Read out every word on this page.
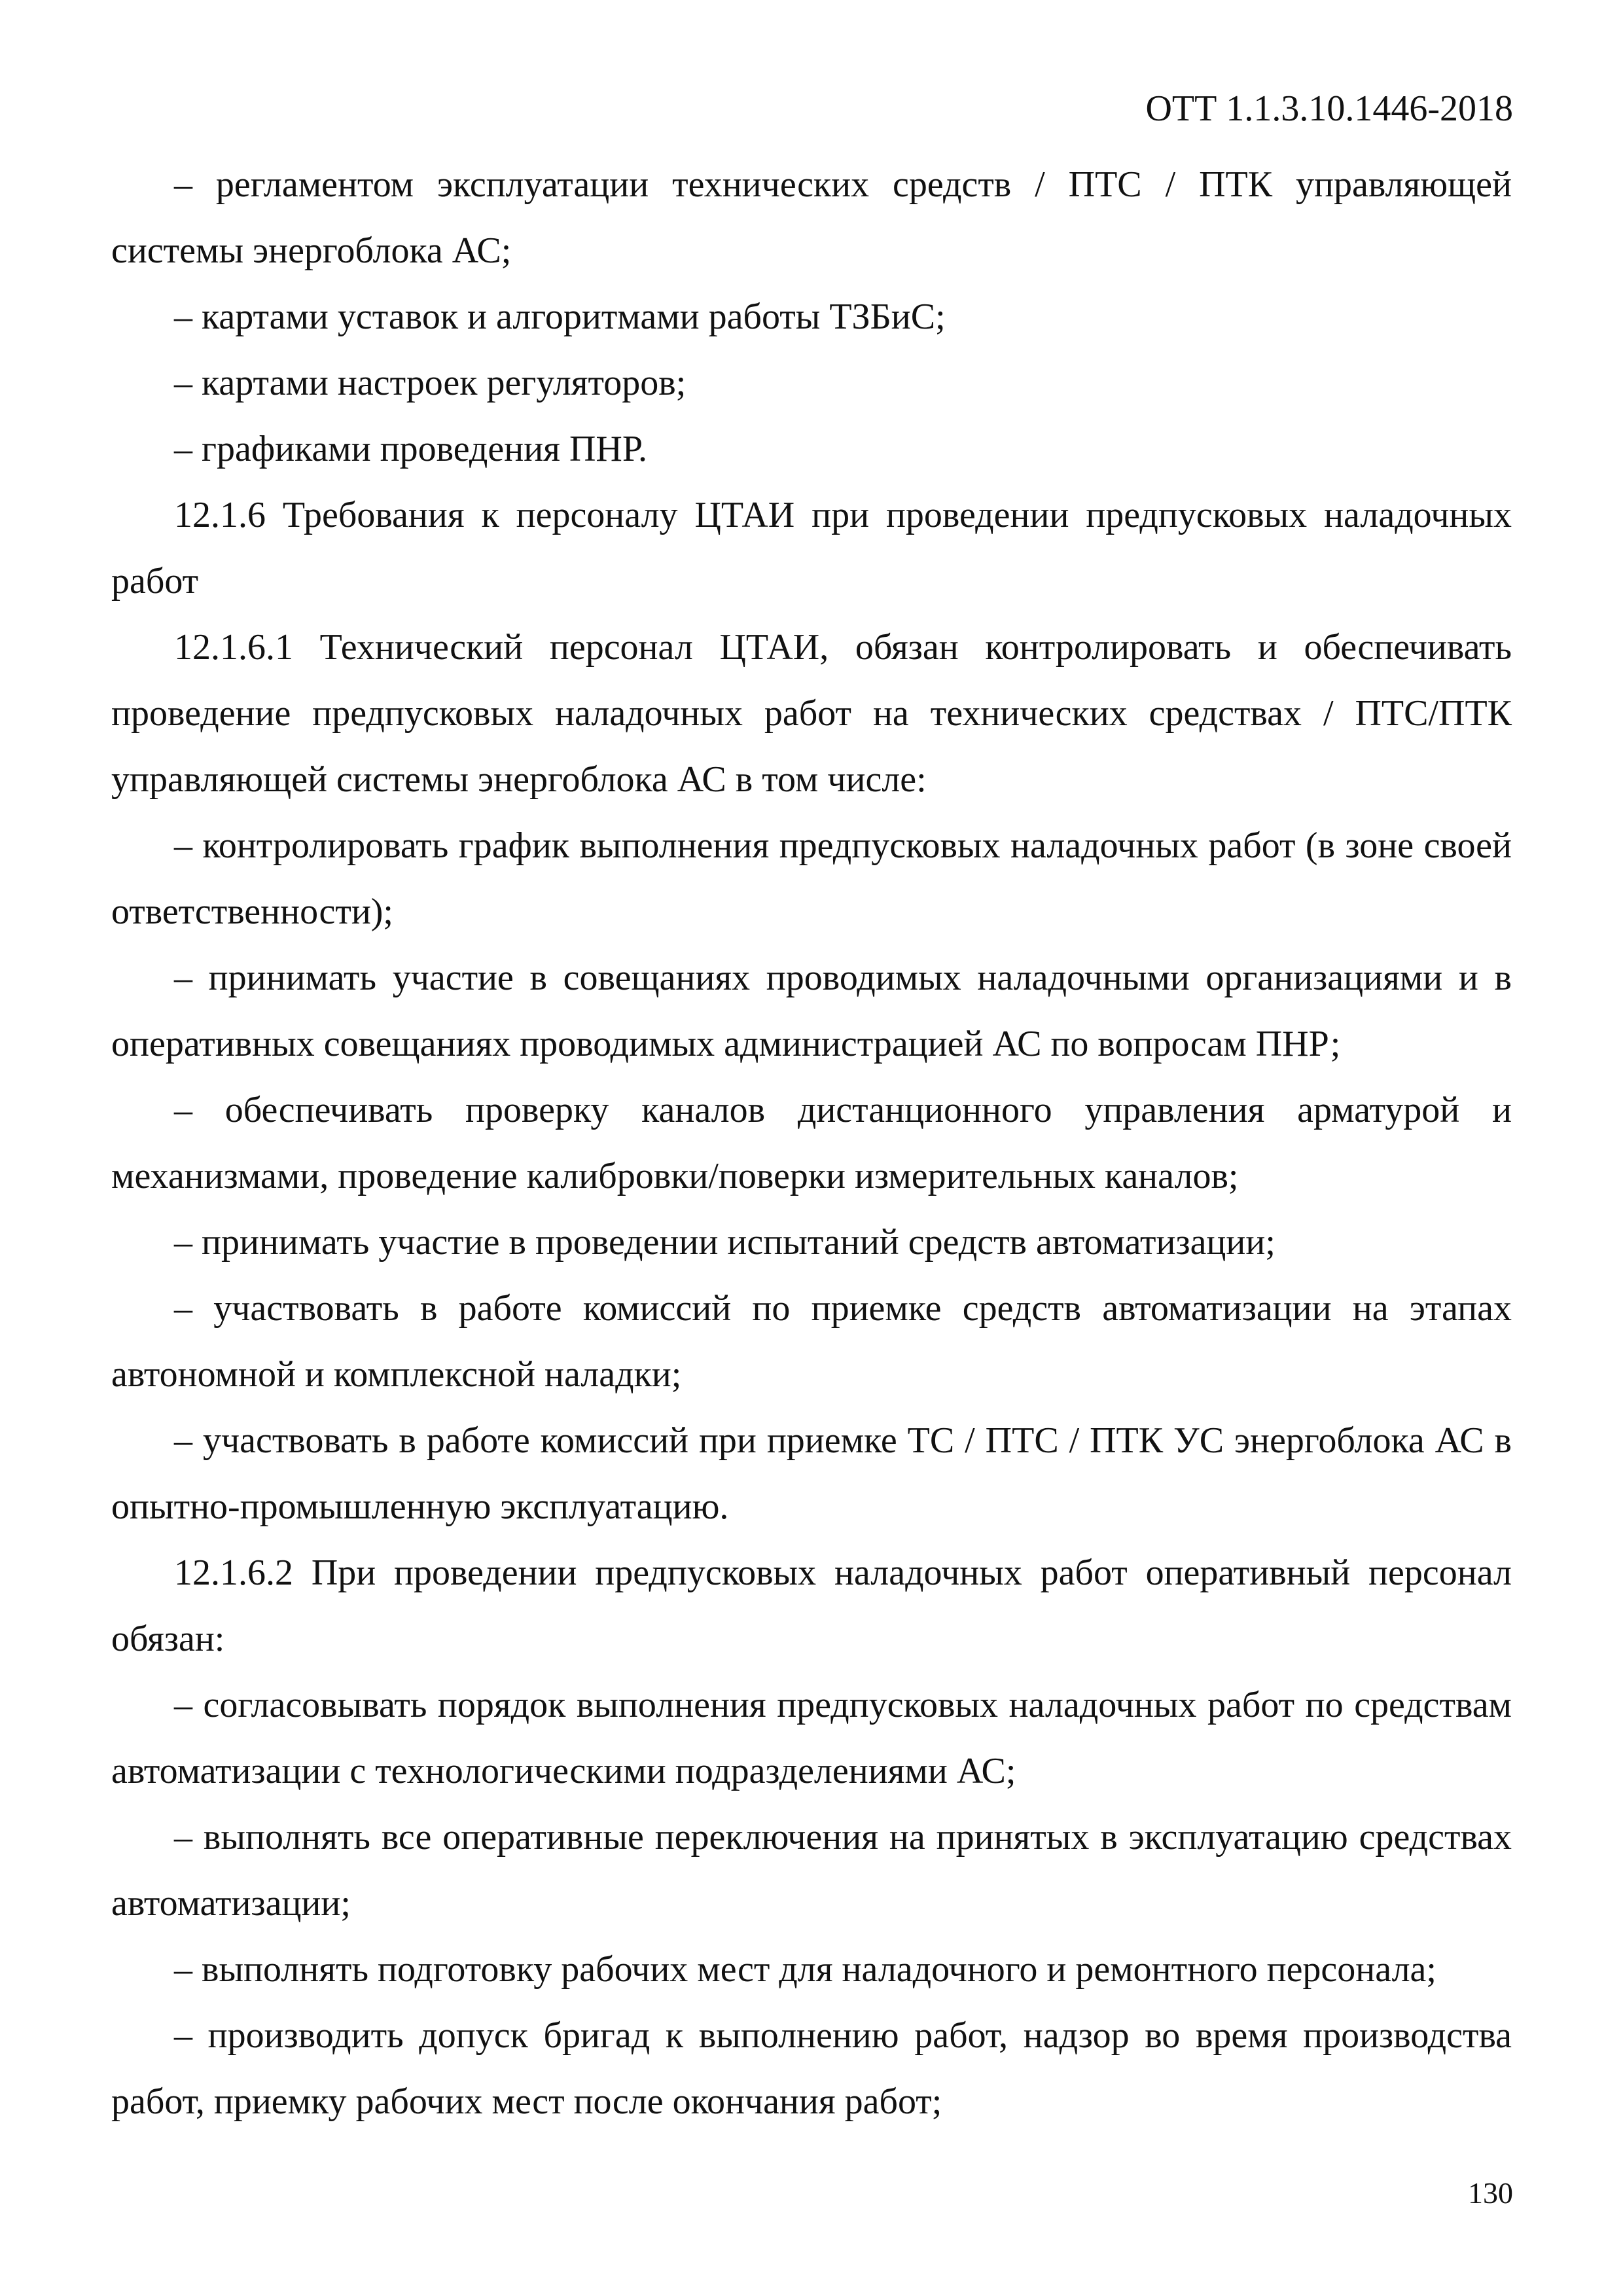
ОТТ 1.1.3.10.1446-2018

– регламентом эксплуатации технических средств / ПТС / ПТК управляющей системы энергоблока АС;

– картами уставок и алгоритмами работы ТЗБиС;

– картами настроек регуляторов;

– графиками проведения ПНР.

12.1.6 Требования к персоналу ЦТАИ при проведении предпусковых наладочных работ

12.1.6.1 Технический персонал ЦТАИ, обязан контролировать и обеспечивать проведение предпусковых наладочных работ на технических средствах / ПТС/ПТК управляющей системы энергоблока АС в том числе:

– контролировать график выполнения предпусковых наладочных работ (в зоне своей ответственности);

– принимать участие в совещаниях проводимых наладочными организациями и в оперативных совещаниях проводимых администрацией АС по вопросам ПНР;

– обеспечивать проверку каналов дистанционного управления арматурой и механизмами, проведение калибровки/поверки измерительных каналов;

– принимать участие в проведении испытаний средств автоматизации;

– участвовать в работе комиссий по приемке средств автоматизации на этапах автономной и комплексной наладки;

– участвовать в работе комиссий при приемке ТС / ПТС / ПТК УС энергоблока АС в опытно-промышленную эксплуатацию.

12.1.6.2 При проведении предпусковых наладочных работ оперативный персонал обязан:

– согласовывать порядок выполнения предпусковых наладочных работ по средствам автоматизации с технологическими подразделениями АС;

– выполнять все оперативные переключения на принятых в эксплуатацию средствах автоматизации;

– выполнять подготовку рабочих мест для наладочного и ремонтного персонала;

– производить допуск бригад к выполнению работ, надзор во время производства работ, приемку рабочих мест после окончания работ;

130
